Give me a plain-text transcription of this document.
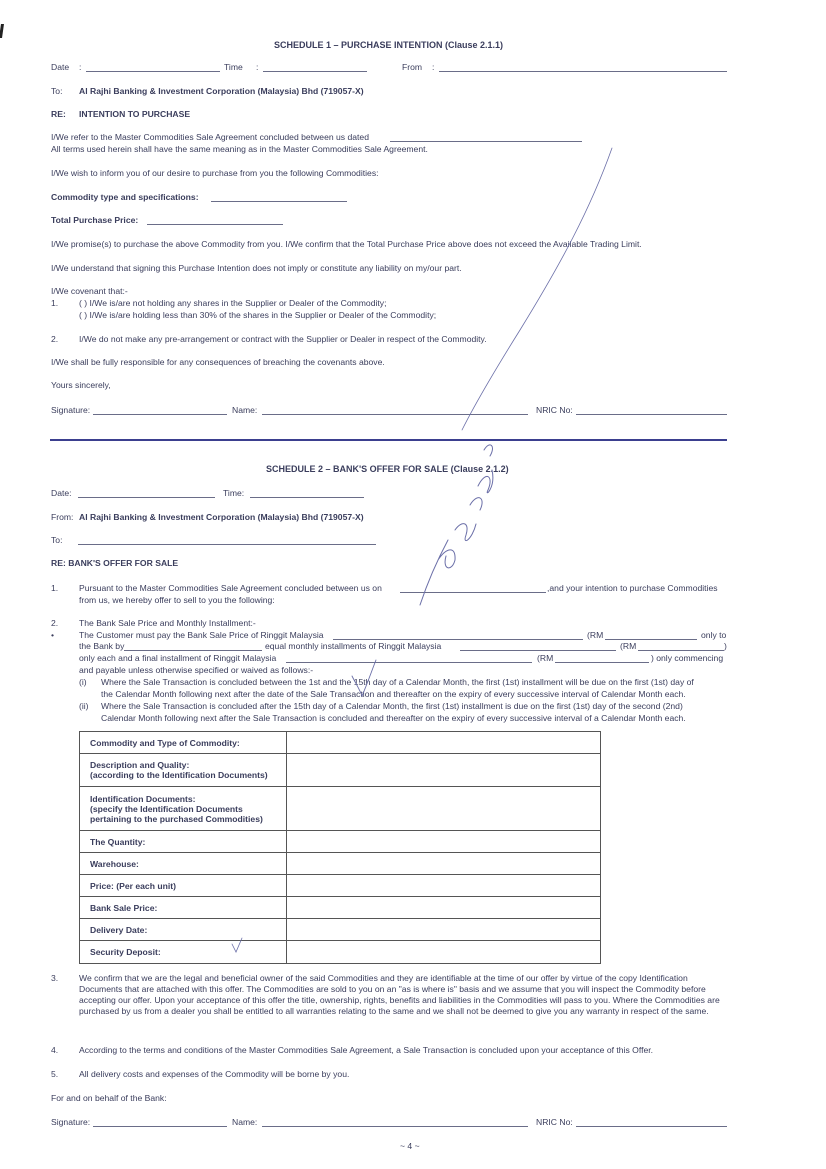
SCHEDULE 1 – PURCHASE INTENTION (Clause 2.1.1)
Date :	Time :	From :
To: Al Rajhi Banking & Investment Corporation (Malaysia) Bhd (719057-X)
RE: INTENTION TO PURCHASE
I/We refer to the Master Commodities Sale Agreement concluded between us dated
All terms used herein shall have the same meaning as in the Master Commodities Sale Agreement.
I/We wish to inform you of our desire to purchase from you the following Commodities:
Commodity type and specifications:
Total Purchase Price:
I/We promise(s) to purchase the above Commodity from you. I/We confirm that the Total Purchase Price above does not exceed the Available Trading Limit.
I/We understand that signing this Purchase Intention does not imply or constitute any liability on my/our part.
I/We covenant that:-
1. ( ) I/We is/are not holding any shares in the Supplier or Dealer of the Commodity;
( ) I/We is/are holding less than 30% of the shares in the Supplier or Dealer of the Commodity;
2. I/We do not make any pre-arrangement or contract with the Supplier or Dealer in respect of the Commodity.
I/We shall be fully responsible for any consequences of breaching the covenants above.
Yours sincerely,
Signature:	Name:	NRIC No:
SCHEDULE 2 – BANK'S OFFER FOR SALE (Clause 2.1.2)
Date:	Time:
From: Al Rajhi Banking & Investment Corporation (Malaysia) Bhd (719057-X)
To:
RE: BANK'S OFFER FOR SALE
1. Pursuant to the Master Commodities Sale Agreement concluded between us on	,and your intention to purchase Commodities
from us, we hereby offer to sell to you the following:
2. The Bank Sale Price and Monthly Installment:-
•	The Customer must pay the Bank Sale Price of Ringgit Malaysia	(RM	only to
the Bank by	equal monthly installments of Ringgit Malaysia	(RM	)
only each and a final installment of Ringgit Malaysia	(RM	) only commencing
and payable unless otherwise specified or waived as follows:-
(i) Where the Sale Transaction is concluded between the 1st and the 15th day of a Calendar Month, the first (1st) installment will be due on the first (1st) day of
the Calendar Month following next after the date of the Sale Transaction and thereafter on the expiry of every successive interval of Calendar Month each.
(ii) Where the Sale Transaction is concluded after the 15th day of a Calendar Month, the first (1st) installment is due on the first (1st) day of the second (2nd)
Calendar Month following next after the Sale Transaction is concluded and thereafter on the expiry of every successive interval of a Calendar Month each.
Commodity and Type of Commodity:	
Description and Quality:
(according to the Identification Documents)	
Identification Documents:
(specify the Identification Documents
pertaining to the purchased Commodities)	
The Quantity:	
Warehouse:	
Price: (Per each unit)	
Bank Sale Price:	
Delivery Date:	
Security Deposit:	
3. We confirm that we are the legal and beneficial owner of the said Commodities and they are identifiable at the time of our offer by virtue of the copy Identification Documents that are attached with this offer. The Commodities are sold to you on an "as is where is" basis and we assume that you will inspect the Commodity before accepting our offer. Upon your acceptance of this offer the title, ownership, rights, benefits and liabilities in the Commodities will pass to you. Where the Commodities are purchased by us from a dealer you shall be entitled to all warranties relating to the same and we shall not be deemed to give you any warranty in respect of the same.
4. According to the terms and conditions of the Master Commodities Sale Agreement, a Sale Transaction is concluded upon your acceptance of this Offer.
5. All delivery costs and expenses of the Commodity will be borne by you.
For and on behalf of the Bank:
Signature:	Name:	NRIC No:
~ 4 ~
